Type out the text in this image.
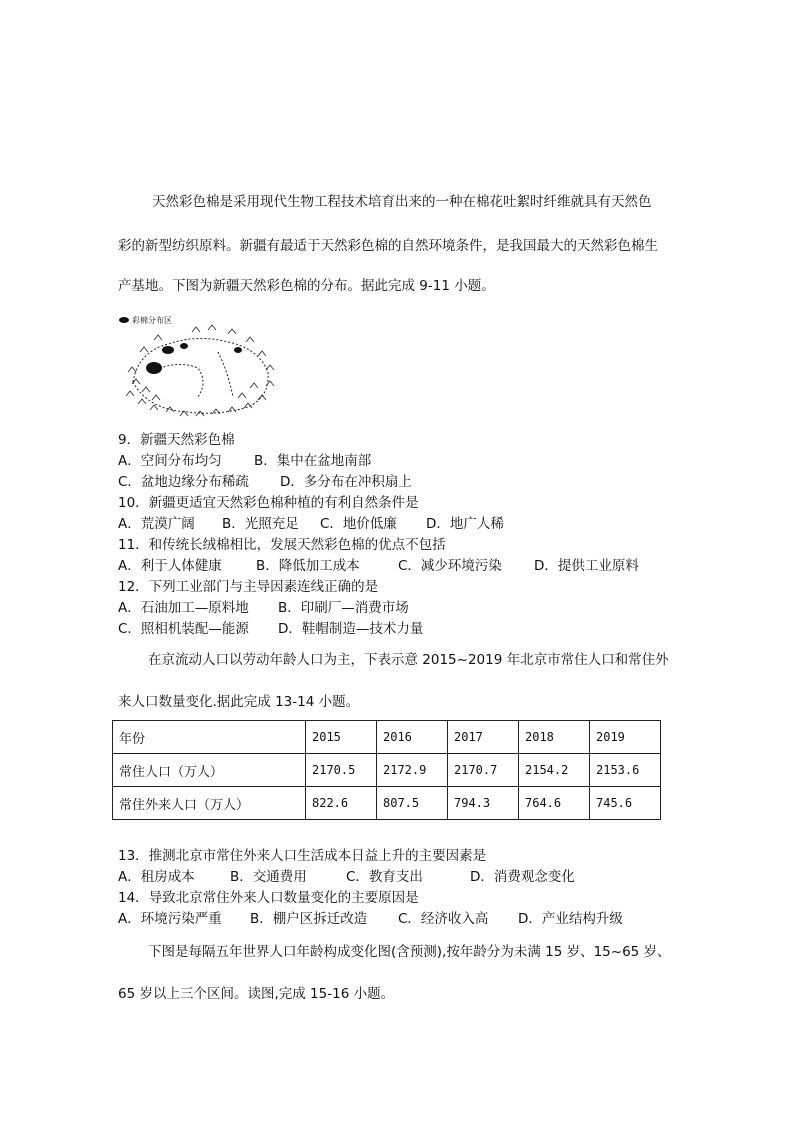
天然彩色棉是采用现代生物工程技术培育出来的一种在棉花吐絮时纤维就具有天然色
彩的新型纺织原料。新疆有最适于天然彩色棉的自然环境条件，是我国最大的天然彩色棉生
产基地。下图为新疆天然彩色棉的分布。据此完成 9-11 小题。
彩棉分布区
9．新疆天然彩色棉
A．空间分布均匀 B．集中在盆地南部
C．盆地边缘分布稀疏 D．多分布在冲积扇上
10．新疆更适宜天然彩色棉种植的有利自然条件是
A．荒漠广阔 B．光照充足 C．地价低廉 D．地广人稀
11．和传统长绒棉相比，发展天然彩色棉的优点不包括
A．利于人体健康	B．降低加工成本	C．减少环境污染 D．提供工业原料
12．下列工业部门与主导因素连线正确的是
A．石油加工—原料地 B．印刷厂—消费市场
C．照相机装配—能源 D．鞋帽制造—技术力量
在京流动人口以劳动年龄人口为主，下表示意 2015~2019 年北京市常住人口和常住外
来人口数量变化.据此完成 13-14 小题。
年份	2015	2016	2017	2018	2019
常住人口（万人）	2170.5	2172.9	2170.7	2154.2	2153.6
常住外来人口（万人）	822.6	807.5	794.3	764.6	745.6
13．推测北京市常住外来人口生活成本日益上升的主要因素是
A．租房成本	B．交通费用	C．教育支出	D．消费观念变化
14．导致北京常住外来人口数量变化的主要原因是
A．环境污染严重 B．棚户区拆迁改造 C．经济收入高 D．产业结构升级
下图是每隔五年世界人口年龄构成变化图(含预测),按年龄分为未满 15 岁、15~65 岁、
65 岁以上三个区间。读图,完成 15-16 小题。
